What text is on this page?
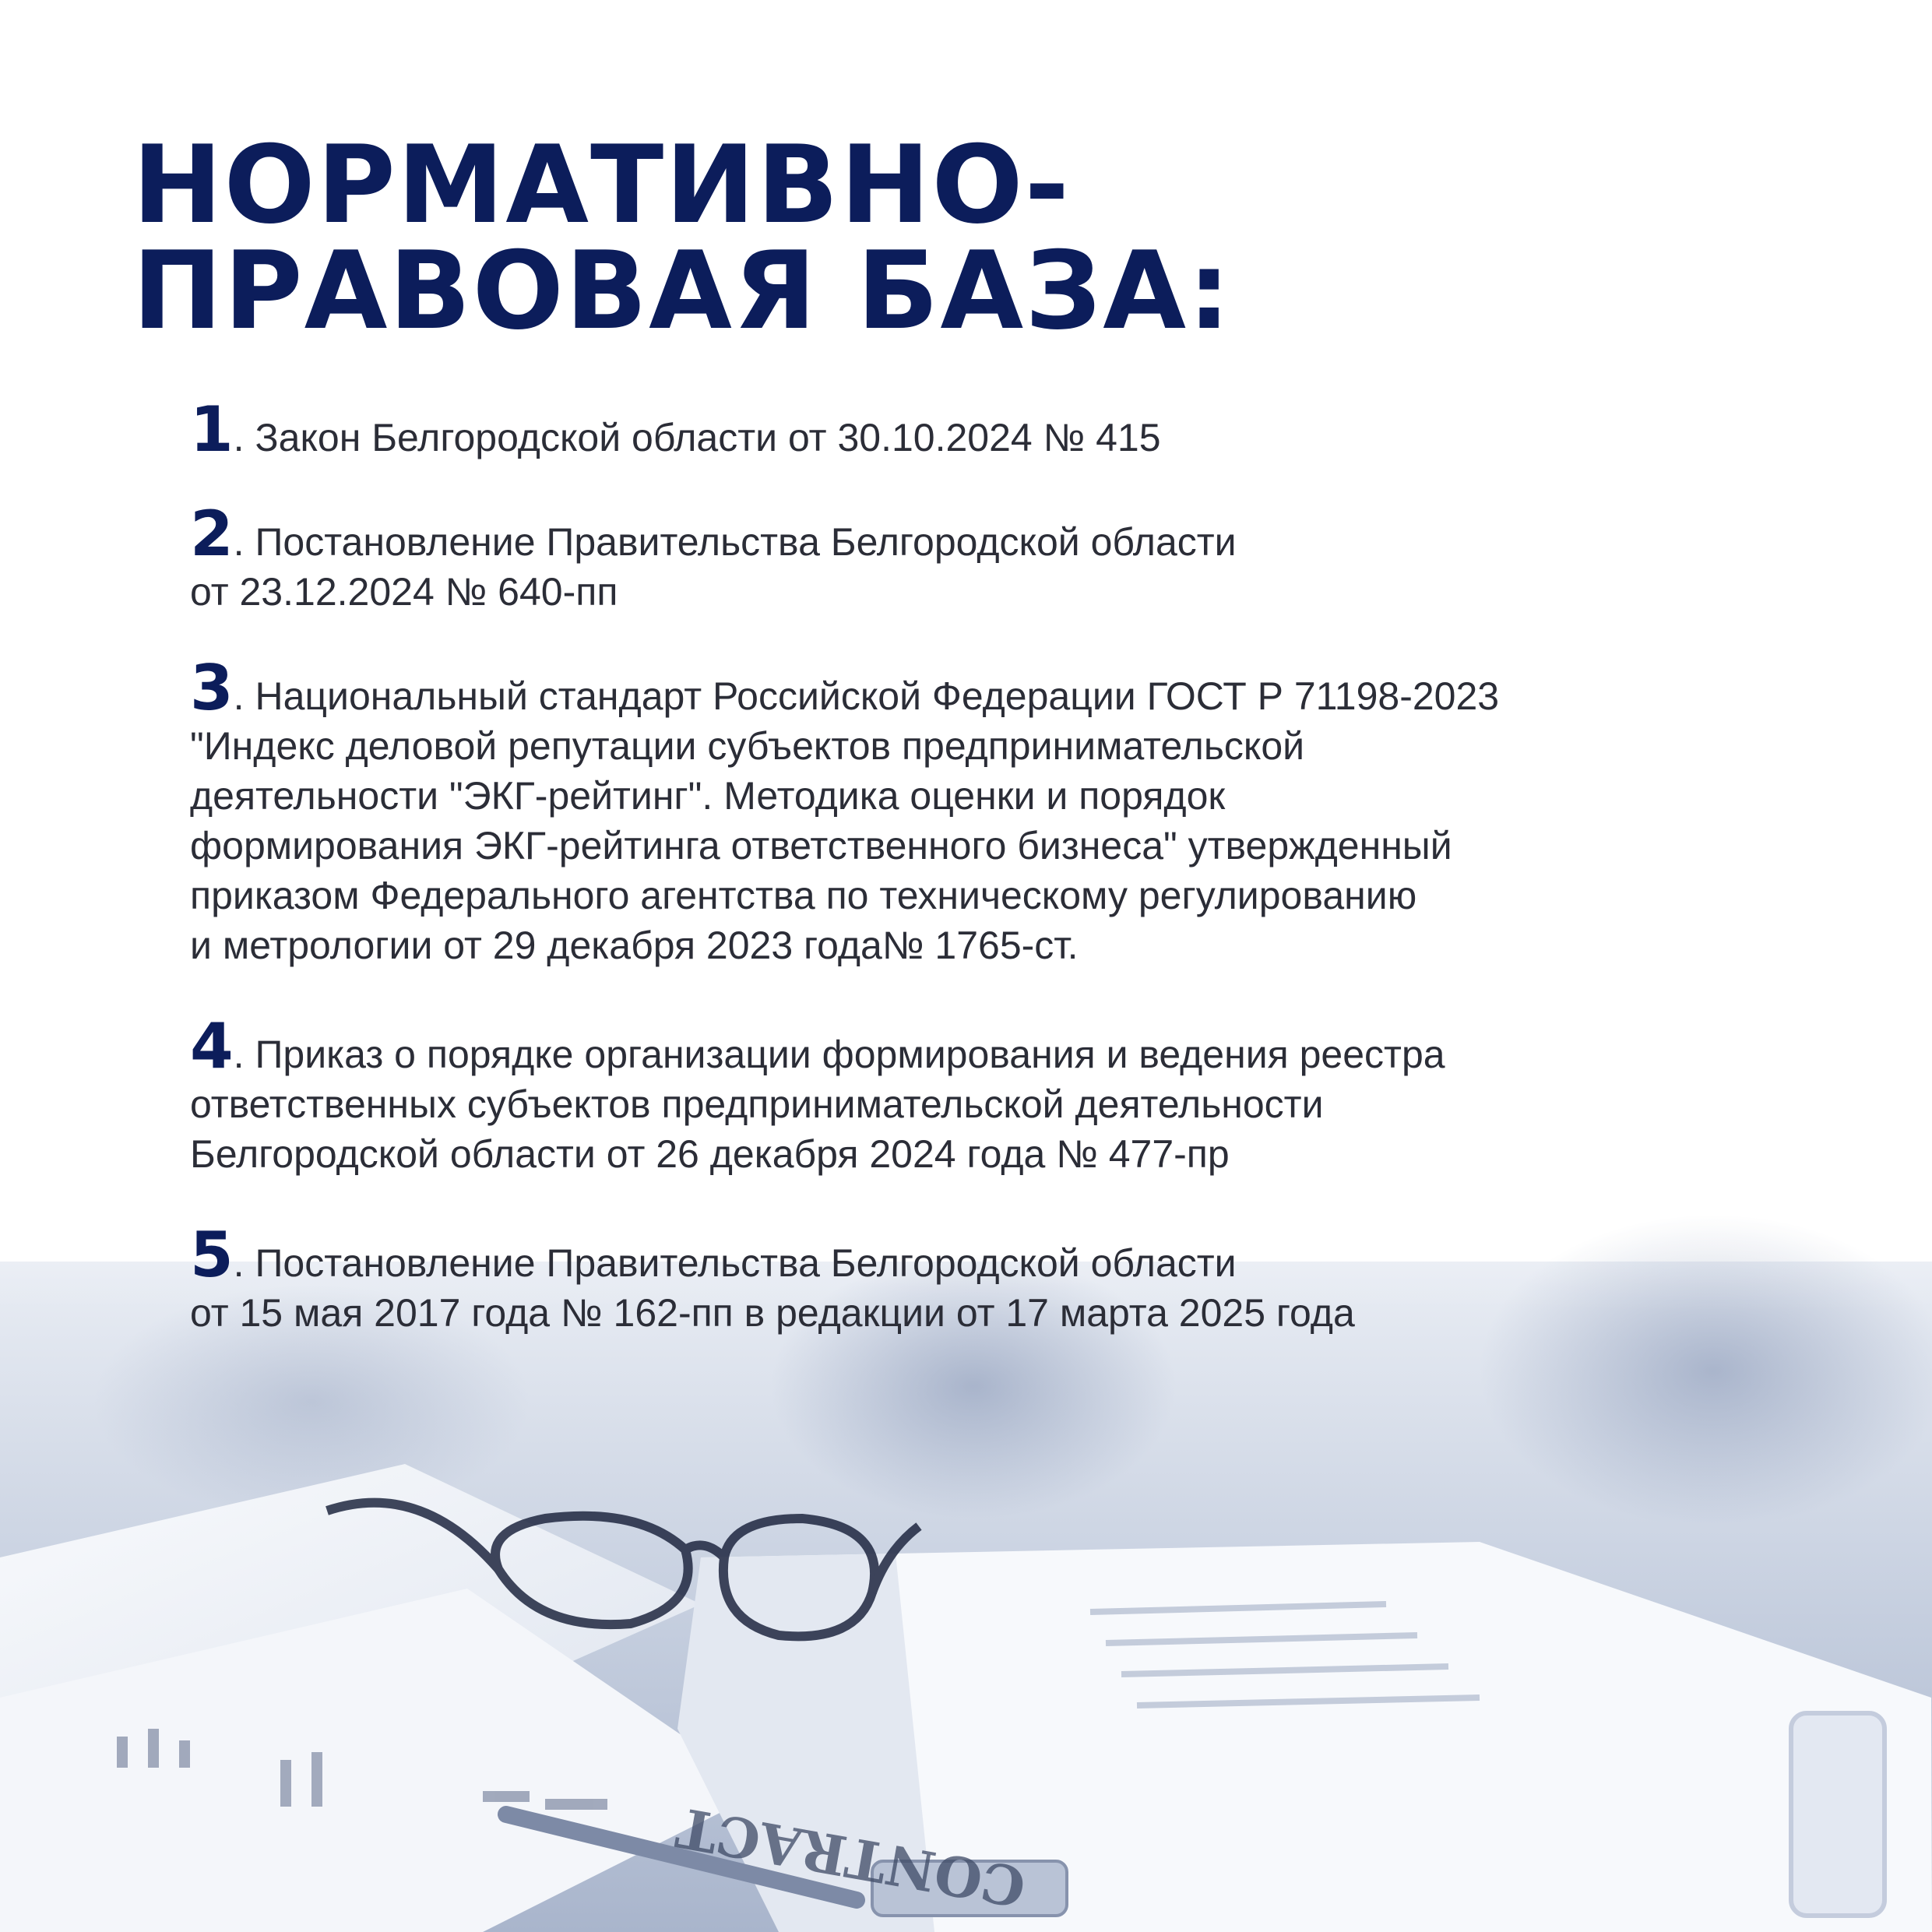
НОРМАТИВНО-
ПРАВОВАЯ БАЗА:
1. Закон Белгородской области от 30.10.2024 № 415
2. Постановление Правительства Белгородской области
от 23.12.2024 № 640-пп
3. Национальный стандарт Российской Федерации ГОСТ Р 71198-2023
"Индекс деловой репутации субъектов предпринимательской
деятельности "ЭКГ-рейтинг". Методика оценки и порядок
формирования ЭКГ-рейтинга ответственного бизнеса" утвержденный
приказом Федерального агентства по техническому регулированию
и метрологии от 29 декабря 2023 года№ 1765-ст.
4. Приказ о порядке организации формирования и ведения реестра
ответственных субъектов предпринимательской деятельности
Белгородской области от 26 декабря 2024 года № 477-пр
5. Постановление Правительства Белгородской области
от 15 мая 2017 года № 162-пп в редакции от 17 марта 2025 года
